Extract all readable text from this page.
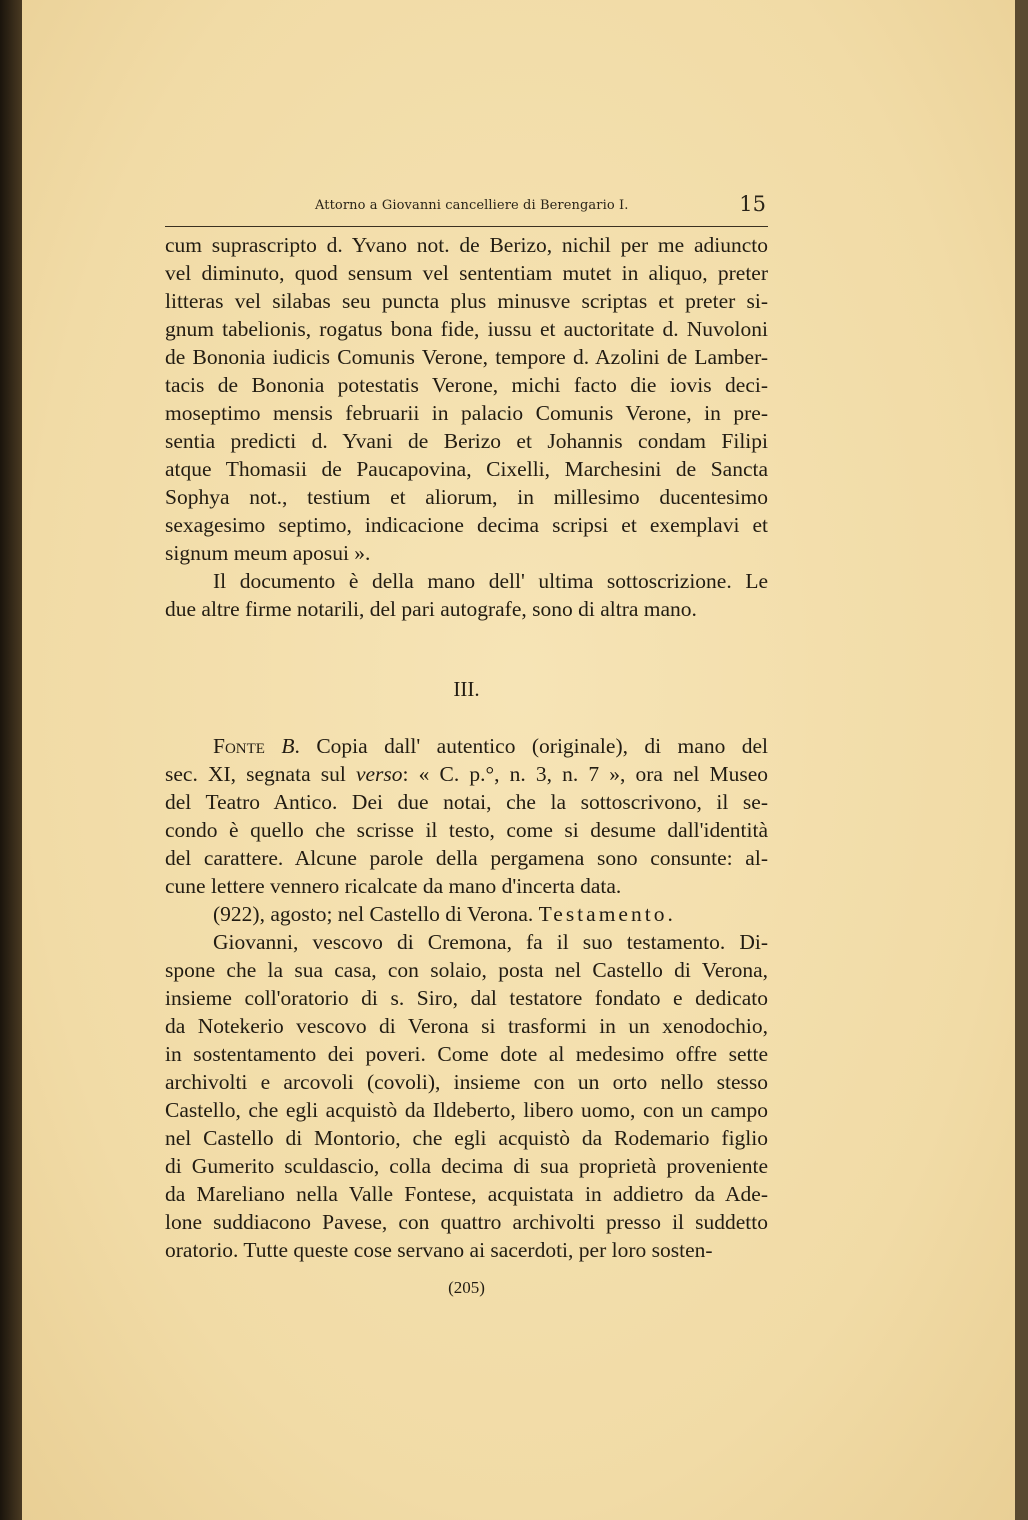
Attorno a Giovanni cancelliere di Berengario I.	15
cum suprascripto d. Yvano not. de Berizo, nichil per me adiuncto
vel diminuto, quod sensum vel sententiam mutet in aliquo, preter
litteras vel silabas seu puncta plus minusve scriptas et preter si-
gnum tabelionis, rogatus bona fide, iussu et auctoritate d. Nuvoloni
de Bononia iudicis Comunis Verone, tempore d. Azolini de Lamber-
tacis de Bononia potestatis Verone, michi facto die iovis deci-
moseptimo mensis februarii in palacio Comunis Verone, in pre-
sentia predicti d. Yvani de Berizo et Johannis condam Filipi
atque Thomasii de Paucapovina, Cixelli, Marchesini de Sancta
Sophya not., testium et aliorum, in millesimo ducentesimo
sexagesimo septimo, indicacione decima scripsi et exemplavi et
signum meum aposui ».
Il documento è della mano dell' ultima sottoscrizione. Le
due altre firme notarili, del pari autografe, sono di altra mano.
III.
Fonte B. Copia dall' autentico (originale), di mano del
sec. XI, segnata sul verso: « C. p.°, n. 3, n. 7 », ora nel Museo
del Teatro Antico. Dei due notai, che la sottoscrivono, il se-
condo è quello che scrisse il testo, come si desume dall'identità
del carattere. Alcune parole della pergamena sono consunte: al-
cune lettere vennero ricalcate da mano d'incerta data.
(922), agosto; nel Castello di Verona. Testamento.
Giovanni, vescovo di Cremona, fa il suo testamento. Di-
spone che la sua casa, con solaio, posta nel Castello di Verona,
insieme coll'oratorio di s. Siro, dal testatore fondato e dedicato
da Notekerio vescovo di Verona si trasformi in un xenodochio,
in sostentamento dei poveri. Come dote al medesimo offre sette
archivolti e arcovoli (covoli), insieme con un orto nello stesso
Castello, che egli acquistò da Ildeberto, libero uomo, con un campo
nel Castello di Montorio, che egli acquistò da Rodemario figlio
di Gumerito sculdascio, colla decima di sua proprietà proveniente
da Mareliano nella Valle Fontese, acquistata in addietro da Ade-
lone suddiacono Pavese, con quattro archivolti presso il suddetto
oratorio. Tutte queste cose servano ai sacerdoti, per loro sosten-
(205)
